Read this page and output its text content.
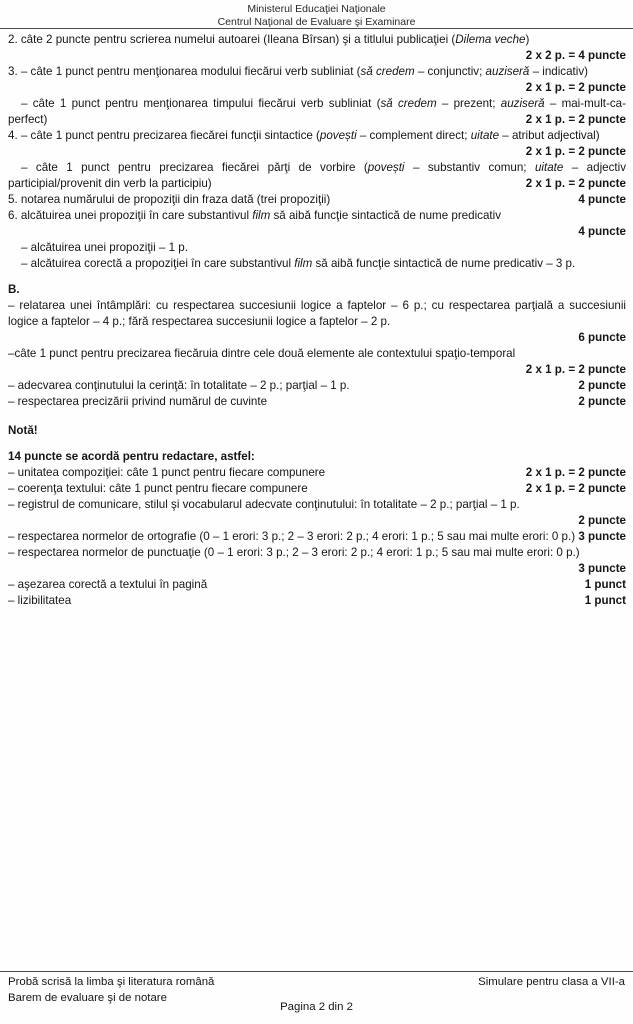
Ministerul Educaţiei Naţionale
Centrul Naţional de Evaluare şi Examinare

2. câte 2 puncte pentru scrierea numelui autoarei (Ileana Bîrsan) şi a titlului publicaţiei (Dilema veche)
2 x 2 p. = 4 puncte

3. – câte 1 punct pentru menţionarea modului fiecărui verb subliniat (să credem – conjunctiv; auziseră – indicativ)
2 x 1 p. = 2 puncte

– câte 1 punct pentru menţionarea timpului fiecărui verb subliniat (să credem – prezent; auziseră – mai-mult-ca-perfect)	2 x 1 p. = 2 puncte

4. – câte 1 punct pentru precizarea fiecărei funcţii sintactice (povești – complement direct; uitate – atribut adjectival)
2 x 1 p. = 2 puncte

– câte 1 punct pentru precizarea fiecărei părţi de vorbire (povești – substantiv comun; uitate – adjectiv participial/provenit din verb la participiu)	2 x 1 p. = 2 puncte

5. notarea numărului de propoziţii din fraza dată (trei propoziţii)	4 puncte

6. alcătuirea unei propoziţii în care substantivul film să aibă funcţie sintactică de nume predicativ
4 puncte

– alcătuirea unei propoziţii – 1 p.

– alcătuirea corectă a propoziţiei în care substantivul film să aibă funcţie sintactică de nume predicativ – 3 p.

B.

– relatarea unei întâmplări: cu respectarea succesiunii logice a faptelor – 6 p.; cu respectarea parţială a succesiunii logice a faptelor – 4 p.; fără respectarea succesiunii logice a faptelor – 2 p.
6 puncte

–câte 1 punct pentru precizarea fiecăruia dintre cele două elemente ale contextului spaţio-temporal
2 x 1 p. = 2 puncte

– adecvarea conţinutului la cerinţă: în totalitate – 2 p.; parţial – 1 p.	2 puncte

– respectarea precizării privind numărul de cuvinte	2 puncte

Notă!

14 puncte se acordă pentru redactare, astfel:

– unitatea compoziţiei: câte 1 punct pentru fiecare compunere	2 x 1 p. = 2 puncte

– coerenţa textului: câte 1 punct pentru fiecare compunere	2 x 1 p. = 2 puncte

– registrul de comunicare, stilul şi vocabularul adecvate conţinutului: în totalitate – 2 p.; parţial – 1 p.
2 puncte

– respectarea normelor de ortografie (0 – 1 erori: 3 p.; 2 – 3 erori: 2 p.; 4 erori: 1 p.; 5 sau mai multe erori: 0 p.) 3 puncte

– respectarea normelor de punctuaţie (0 – 1 erori: 3 p.; 2 – 3 erori: 2 p.; 4 erori: 1 p.; 5 sau mai multe erori: 0 p.)
3 puncte

– aşezarea corectă a textului în pagină	1 punct

– lizibilitatea	1 punct

Probă scrisă la limba şi literatura română
Barem de evaluare şi de notare
Simulare pentru clasa a VII-a
Pagina 2 din 2
